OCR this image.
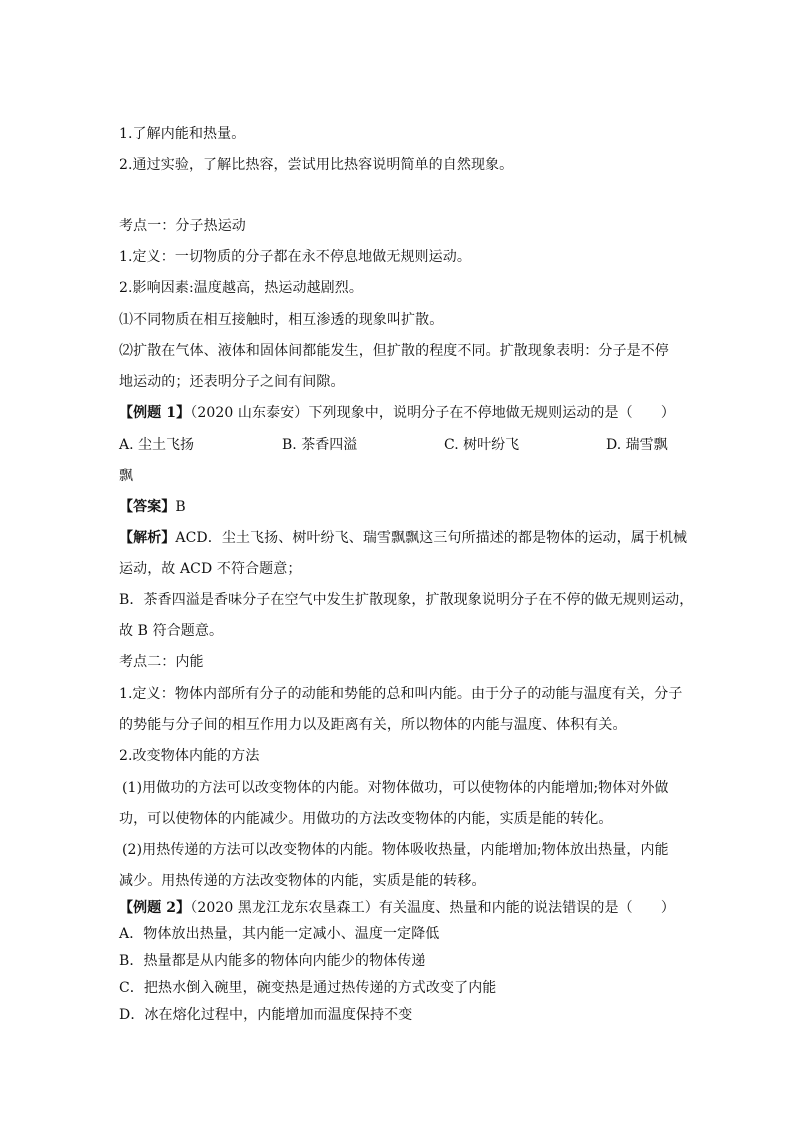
1.了解内能和热量。
2.通过实验，了解比热容，尝试用比热容说明简单的自然现象。
考点一：分子热运动
1.定义：一切物质的分子都在永不停息地做无规则运动。
2.影响因素:温度越高，热运动越剧烈。
⑴不同物质在相互接触时，相互渗透的现象叫扩散。
⑵扩散在气体、液体和固体间都能发生，但扩散的程度不同。扩散现象表明：分子是不停
地运动的；还表明分子之间有间隙。
【例题 1】（2020 山东泰安）下列现象中，说明分子在不停地做无规则运动的是（　　）
A. 尘土飞扬	B. 茶香四溢	C. 树叶纷飞	D. 瑞雪飘
飘
【答案】B
【解析】ACD．尘土飞扬、树叶纷飞、瑞雪飘飘这三句所描述的都是物体的运动，属于机械
运动，故 ACD 不符合题意；
B．茶香四溢是香味分子在空气中发生扩散现象，扩散现象说明分子在不停的做无规则运动，
故 B 符合题意。
考点二：内能
1.定义：物体内部所有分子的动能和势能的总和叫内能。由于分子的动能与温度有关，分子
的势能与分子间的相互作用力以及距离有关，所以物体的内能与温度、体积有关。
2.改变物体内能的方法
(1)用做功的方法可以改变物体的内能。对物体做功，可以使物体的内能增加;物体对外做
功，可以使物体的内能减少。用做功的方法改变物体的内能，实质是能的转化。
(2)用热传递的方法可以改变物体的内能。物体吸收热量，内能增加;物体放出热量，内能
减少。用热传递的方法改变物体的内能，实质是能的转移。
【例题 2】（2020 黑龙江龙东农垦森工）有关温度、热量和内能的说法错误的是（　　）
A．物体放出热量，其内能一定减小、温度一定降低
B．热量都是从内能多的物体向内能少的物体传递
C．把热水倒入碗里，碗变热是通过热传递的方式改变了内能
D．冰在熔化过程中，内能增加而温度保持不变
